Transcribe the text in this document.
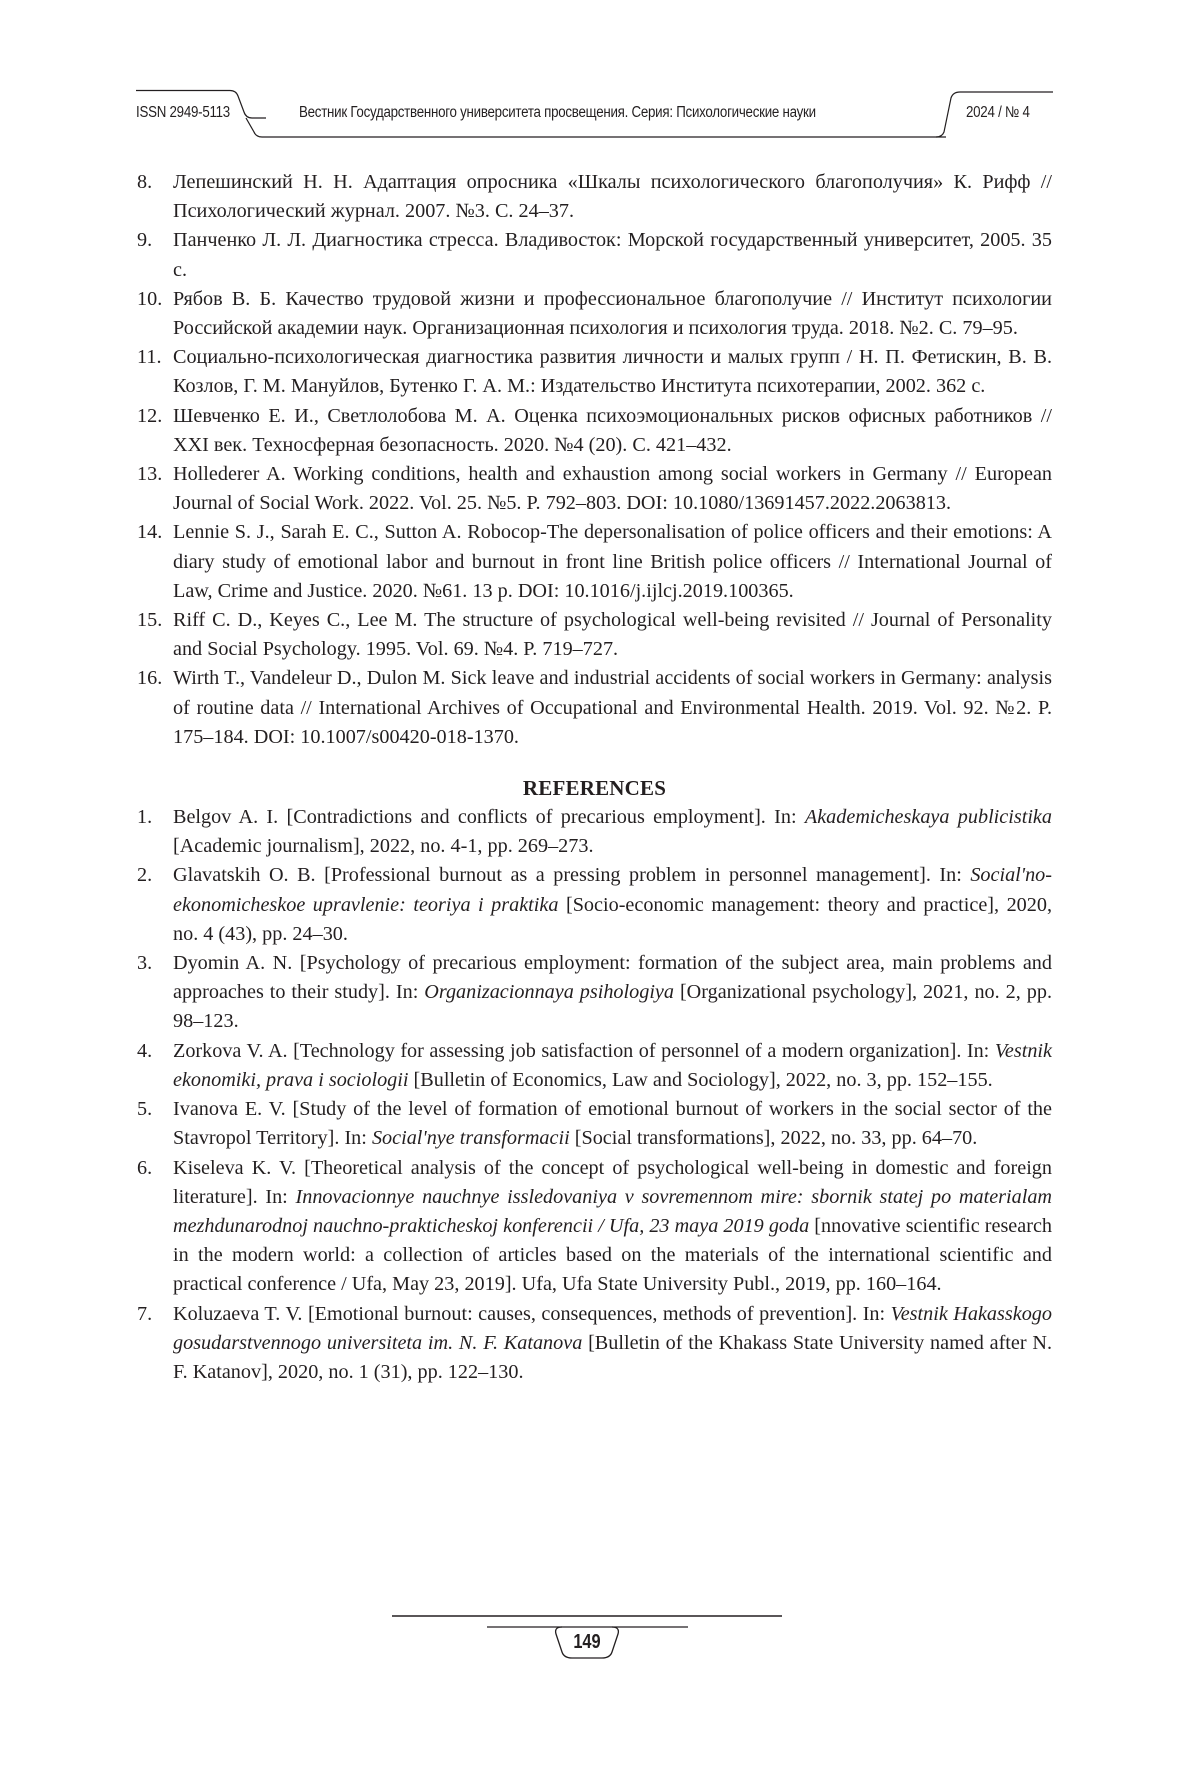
ISSN 2949-5113	Вестник Государственного университета просвещения. Серия: Психологические науки	2024 / № 4
8. Лепешинский Н. Н. Адаптация опросника «Шкалы психологического благополучия» К. Рифф // Психологический журнал. 2007. №3. С. 24–37.
9. Панченко Л. Л. Диагностика стресса. Владивосток: Морской государственный университет, 2005. 35 с.
10. Рябов В. Б. Качество трудовой жизни и профессиональное благополучие // Институт психологии Российской академии наук. Организационная психология и психология труда. 2018. №2. С. 79–95.
11. Социально-психологическая диагностика развития личности и малых групп / Н. П. Фетискин, В. В. Козлов, Г. М. Мануйлов, Бутенко Г. А. М.: Издательство Института психотерапии, 2002. 362 с.
12. Шевченко Е. И., Светлолобова М. А. Оценка психоэмоциональных рисков офисных работников // XXI век. Техносферная безопасность. 2020. №4 (20). С. 421–432.
13. Hollederer A. Working conditions, health and exhaustion among social workers in Germany // European Journal of Social Work. 2022. Vol. 25. №5. P. 792–803. DOI: 10.1080/13691457.2022.2063813.
14. Lennie S. J., Sarah E. C., Sutton A. Robocop-The depersonalisation of police officers and their emotions: A diary study of emotional labor and burnout in front line British police officers // International Journal of Law, Crime and Justice. 2020. №61. 13 p. DOI: 10.1016/j.ijlcj.2019.100365.
15. Riff C. D., Keyes C., Lee M. The structure of psychological well-being revisited // Journal of Personality and Social Psychology. 1995. Vol. 69. №4. P. 719–727.
16. Wirth T., Vandeleur D., Dulon M. Sick leave and industrial accidents of social workers in Germany: analysis of routine data // International Archives of Occupational and Environmental Health. 2019. Vol. 92. №2. P. 175–184. DOI: 10.1007/s00420-018-1370.
REFERENCES
1. Belgov A. I. [Contradictions and conflicts of precarious employment]. In: Akademicheskaya publicistika [Academic journalism], 2022, no. 4-1, pp. 269–273.
2. Glavatskih O. B. [Professional burnout as a pressing problem in personnel management]. In: Social'no-ekonomicheskoe upravlenie: teoriya i praktika [Socio-economic management: theory and practice], 2020, no. 4 (43), pp. 24–30.
3. Dyomin A. N. [Psychology of precarious employment: formation of the subject area, main problems and approaches to their study]. In: Organizacionnaya psihologiya [Organizational psychology], 2021, no. 2, pp. 98–123.
4. Zorkova V. A. [Technology for assessing job satisfaction of personnel of a modern organization]. In: Vestnik ekonomiki, prava i sociologii [Bulletin of Economics, Law and Sociology], 2022, no. 3, pp. 152–155.
5. Ivanova E. V. [Study of the level of formation of emotional burnout of workers in the social sector of the Stavropol Territory]. In: Social'nye transformacii [Social transformations], 2022, no. 33, pp. 64–70.
6. Kiseleva K. V. [Theoretical analysis of the concept of psychological well-being in domestic and foreign literature]. In: Innovacionnye nauchnye issledovaniya v sovremennom mire: sbornik statej po materialam mezhdunarodnoj nauchno-prakticheskoj konferencii / Ufa, 23 maya 2019 goda [nnovative scientific research in the modern world: a collection of articles based on the materials of the international scientific and practical conference / Ufa, May 23, 2019]. Ufa, Ufa State University Publ., 2019, pp. 160–164.
7. Koluzaeva T. V. [Emotional burnout: causes, consequences, methods of prevention]. In: Vestnik Hakasskogo gosudarstvennogo universiteta im. N. F. Katanova [Bulletin of the Khakass State University named after N. F. Katanov], 2020, no. 1 (31), pp. 122–130.
149
